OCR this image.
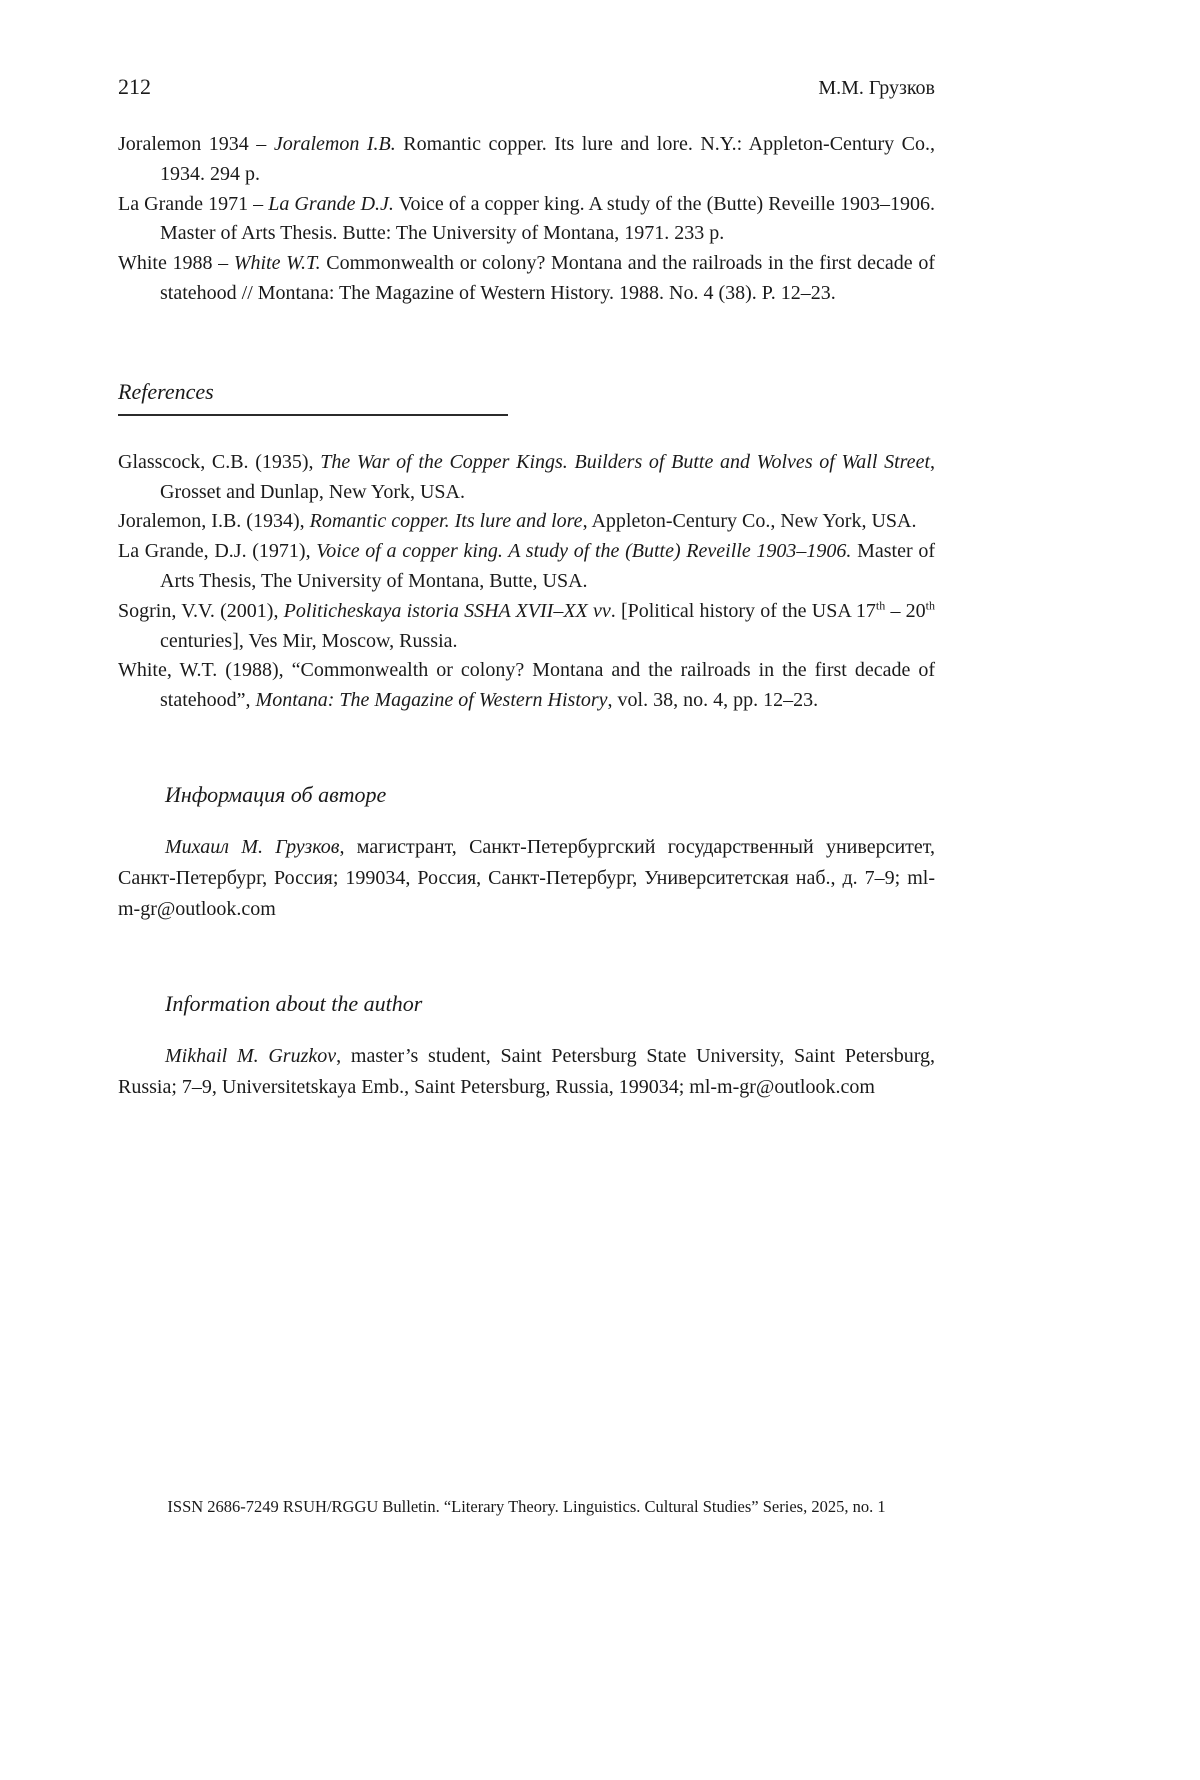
212	М.М. Грузков

Joralemon 1934 – Joralemon I.B. Romantic copper. Its lure and lore. N.Y.: Appleton-Century Co., 1934. 294 p.

La Grande 1971 – La Grande D.J. Voice of a copper king. A study of the (Butte) Reveille 1903–1906. Master of Arts Thesis. Butte: The University of Montana, 1971. 233 p.

White 1988 – White W.T. Commonwealth or colony? Montana and the railroads in the first decade of statehood // Montana: The Magazine of Western History. 1988. No. 4 (38). P. 12–23.

References

Glasscock, C.B. (1935), The War of the Copper Kings. Builders of Butte and Wolves of Wall Street, Grosset and Dunlap, New York, USA.

Joralemon, I.B. (1934), Romantic copper. Its lure and lore, Appleton-Century Co., New York, USA.

La Grande, D.J. (1971), Voice of a copper king. A study of the (Butte) Reveille 1903–1906. Master of Arts Thesis, The University of Montana, Butte, USA.

Sogrin, V.V. (2001), Politicheskaya istoria SSHA XVII–XX vv. [Political history of the USA 17th – 20th centuries], Ves Mir, Moscow, Russia.

White, W.T. (1988), “Commonwealth or colony? Montana and the railroads in the first decade of statehood”, Montana: The Magazine of Western History, vol. 38, no. 4, pp. 12–23.

Информация об авторе

Михаил М. Грузков, магистрант, Санкт-Петербургский государственный университет, Санкт-Петербург, Россия; 199034, Россия, Санкт-Петербург, Университетская наб., д. 7–9; ml-m-gr@outlook.com

Information about the author

Mikhail M. Gruzkov, master’s student, Saint Petersburg State University, Saint Petersburg, Russia; 7–9, Universitetskaya Emb., Saint Petersburg, Russia, 199034; ml-m-gr@outlook.com

ISSN 2686-7249 RSUH/RGGU Bulletin. “Literary Theory. Linguistics. Cultural Studies” Series, 2025, no. 1
